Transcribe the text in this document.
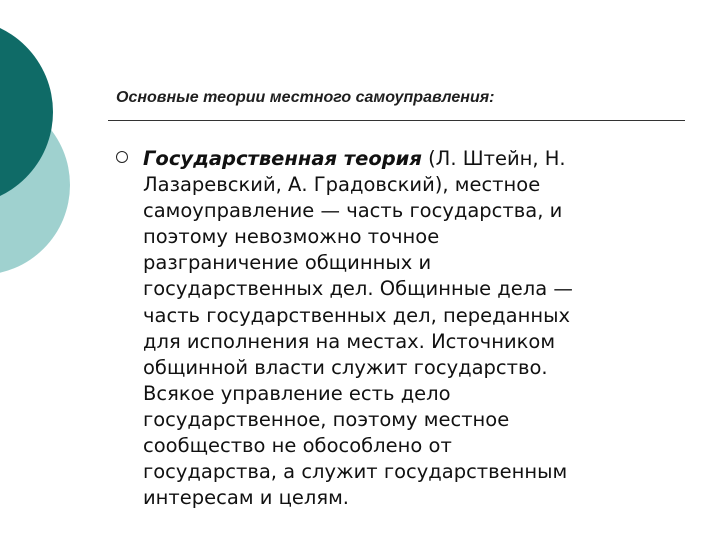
Основные теории местного самоуправления:
Государственная теория (Л. Штейн, Н.
Лазаревский, А. Градовский), местное
самоуправление — часть государства, и
поэтому невозможно точное
разграничение общинных и
государственных дел. Общинные дела —
часть государственных дел, переданных
для исполнения на местах. Источником
общинной власти служит государство.
Всякое управление есть дело
государственное, поэтому местное
сообщество не обособлено от
государства, а служит государственным
интересам и целям.
